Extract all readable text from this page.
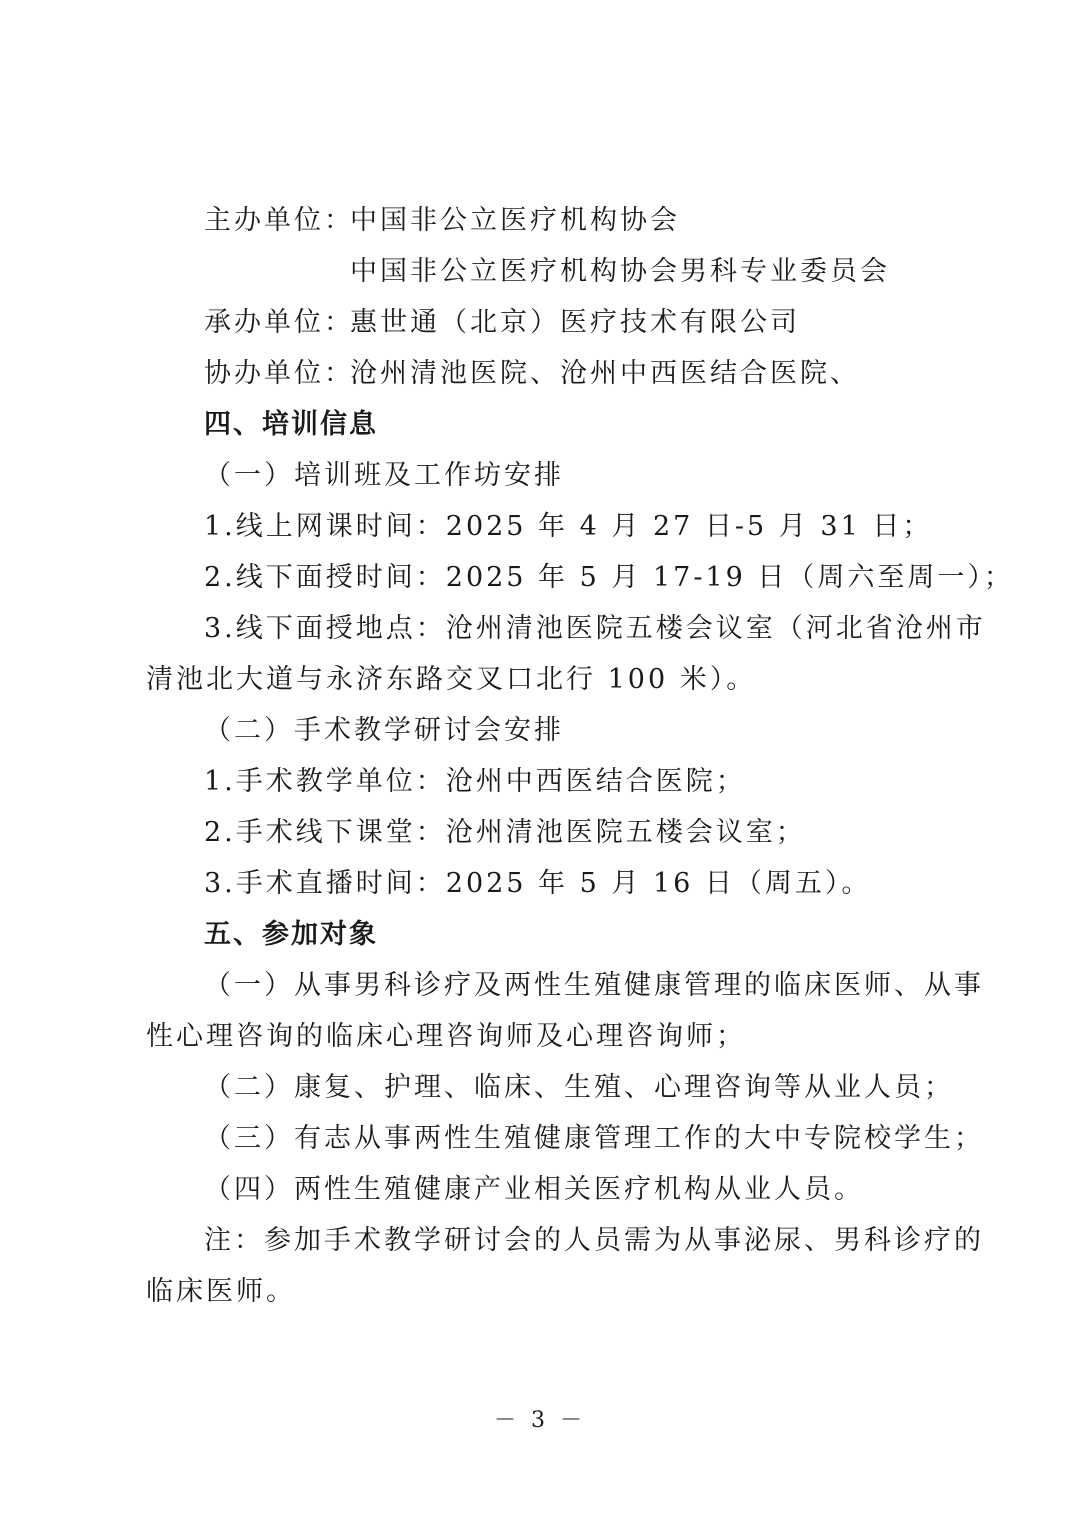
主办单位：
中国非公立医疗机构协会
中国非公立医疗机构协会男科专业委员会
承办单位：
惠世通（北京）医疗技术有限公司
协办单位：
沧州清池医院、沧州中西医结合医院、
四、培训信息
（一）培训班及工作坊安排
1.线上网课时间：2025 年 4 月 27 日-5 月 31 日；
2.线下面授时间：2025 年 5 月 17-19 日（周六至周一）；
3.线下面授地点：沧州清池医院五楼会议室（河北省沧州市
清池北大道与永济东路交叉口北行 100 米）。
（二）手术教学研讨会安排
1.手术教学单位：沧州中西医结合医院；
2.手术线下课堂：沧州清池医院五楼会议室；
3.手术直播时间：2025 年 5 月 16 日（周五）。
五、参加对象
（一）从事男科诊疗及两性生殖健康管理的临床医师、从事
性心理咨询的临床心理咨询师及心理咨询师；
（二）康复、护理、临床、生殖、心理咨询等从业人员；
（三）有志从事两性生殖健康管理工作的大中专院校学生；
（四）两性生殖健康产业相关医疗机构从业人员。
注：参加手术教学研讨会的人员需为从事泌尿、男科诊疗的
临床医师。
－ 3 －
